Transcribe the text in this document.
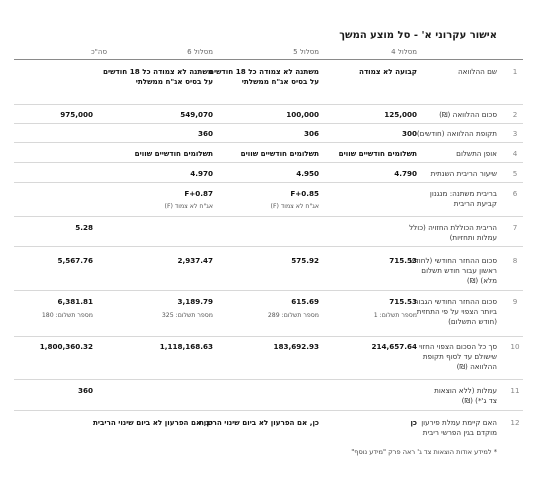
אישור עקרוני א' - סל מוצע המשך
מסלול 4
מסלול 5
מסלול 6
סה"כ
1
שם ההלוואה
קבועה לא צמודה
משתנה לא צמודה כל 18 חודשים על בסיס אג"ח ממשלתי
משתנה לא צמודה כל 18 חודשים על בסיס אג"ח ממשלתי
2
סכום ההלוואה (₪)
125,000
100,000
549,070
975,000
3
תקופת ההלוואה (חודשים)
300
306
360
4
אופן התשלום
תשלומים חודשיים שווים
תשלומים חודשיים שווים
תשלומים חודשיים שווים
5
שיעור הריבית השנתית
4.790
4.950
4.970
6
בריבית משתנה: מנגנון קביעת הריבית
F+0.85
אג"ח לא צמוד (F)
F+0.87
אג"ח לא צמוד (F)
7
הריבית הכוללת החזויה (כולל עמלות ותחזיות)
5.28
8
סכום ההחזר החודשי (לחודש ראשון עבור חודש תשלום מלא) (₪)
715.53
575.92
2,937.47
5,567.76
9
סכום ההחזר החודשי הגבוה ביותר הצפוי על פי התחזית (חודש התשלום)
715.53
מספר תשלום: 1
615.69
מספר תשלום: 289
3,189.79
מספר תשלום: 325
6,381.81
מספר תשלום: 180
10
סך כל הסכום הצפוי החזוי שישולם עד לסוף תקופת ההלוואה (₪)
214,657.64
183,692.93
1,118,168.63
1,800,360.32
11
עמלות (ללא הוצאות צד ג'*) (₪)
360
12
האם קיימת עמלת פירעון מוקדם בגין הפרשי ריבית
כן
כן, אם הפרעון לא ביום שינוי הריבית
כן, אם הפרעון לא ביום שינוי הריבית
* למידע אודות הוצאות צד ג' ראה פרק "מידע נוסף"
